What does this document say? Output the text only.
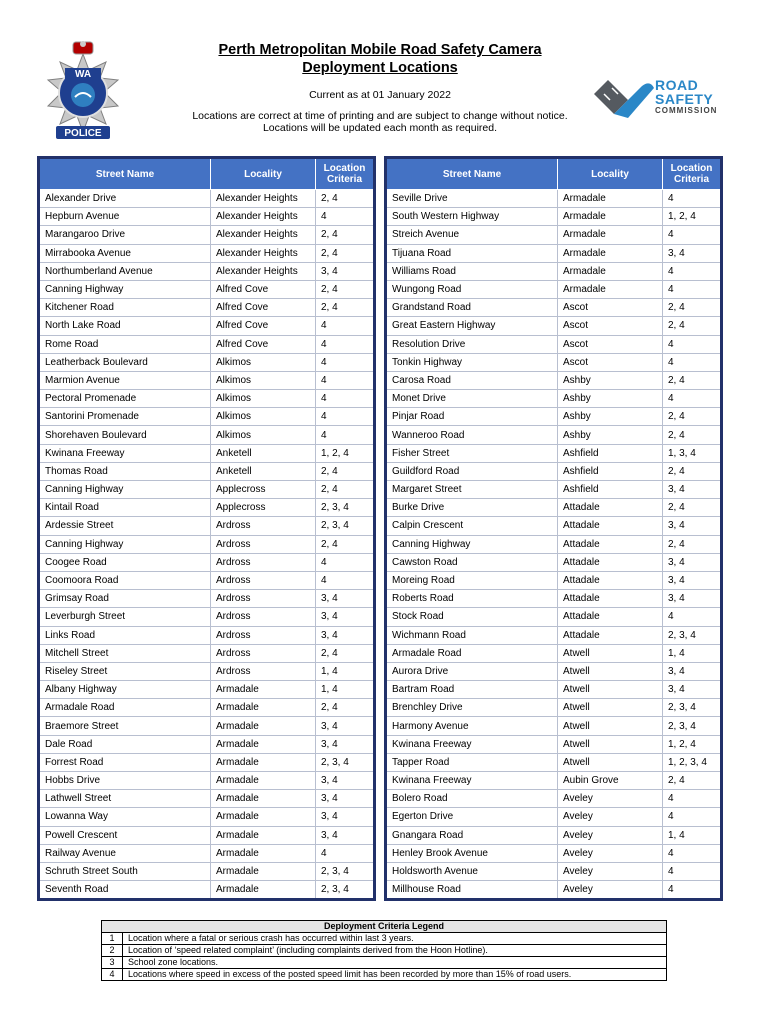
WA
POLICE
Perth Metropolitan Mobile Road Safety Camera
Deployment Locations
Current as at 01 January 2022
Locations are correct at time of printing and are subject to change without notice.
Locations will be updated each month as required.
ROAD
SAFETY
COMMISSION
Street Name	Locality	Location Criteria
Alexander Drive	Alexander Heights	2, 4
Hepburn Avenue	Alexander Heights	4
Marangaroo Drive	Alexander Heights	2, 4
Mirrabooka Avenue	Alexander Heights	2, 4
Northumberland Avenue	Alexander Heights	3, 4
Canning Highway	Alfred Cove	2, 4
Kitchener Road	Alfred Cove	2, 4
North Lake Road	Alfred Cove	4
Rome Road	Alfred Cove	4
Leatherback Boulevard	Alkimos	4
Marmion Avenue	Alkimos	4
Pectoral Promenade	Alkimos	4
Santorini Promenade	Alkimos	4
Shorehaven Boulevard	Alkimos	4
Kwinana Freeway	Anketell	1, 2, 4
Thomas Road	Anketell	2, 4
Canning Highway	Applecross	2, 4
Kintail Road	Applecross	2, 3, 4
Ardessie Street	Ardross	2, 3, 4
Canning Highway	Ardross	2, 4
Coogee Road	Ardross	4
Coomoora Road	Ardross	4
Grimsay Road	Ardross	3, 4
Leverburgh Street	Ardross	3, 4
Links Road	Ardross	3, 4
Mitchell Street	Ardross	2, 4
Riseley Street	Ardross	1, 4
Albany Highway	Armadale	1, 4
Armadale Road	Armadale	2, 4
Braemore Street	Armadale	3, 4
Dale Road	Armadale	3, 4
Forrest Road	Armadale	2, 3, 4
Hobbs Drive	Armadale	3, 4
Lathwell Street	Armadale	3, 4
Lowanna Way	Armadale	3, 4
Powell Crescent	Armadale	3, 4
Railway Avenue	Armadale	4
Schruth Street South	Armadale	2, 3, 4
Seventh Road	Armadale	2, 3, 4
Street Name	Locality	Location Criteria
Seville Drive	Armadale	4
South Western Highway	Armadale	1, 2, 4
Streich Avenue	Armadale	4
Tijuana Road	Armadale	3, 4
Williams Road	Armadale	4
Wungong Road	Armadale	4
Grandstand Road	Ascot	2, 4
Great Eastern Highway	Ascot	2, 4
Resolution Drive	Ascot	4
Tonkin Highway	Ascot	4
Carosa Road	Ashby	2, 4
Monet Drive	Ashby	4
Pinjar Road	Ashby	2, 4
Wanneroo Road	Ashby	2, 4
Fisher Street	Ashfield	1, 3, 4
Guildford Road	Ashfield	2, 4
Margaret Street	Ashfield	3, 4
Burke Drive	Attadale	2, 4
Calpin Crescent	Attadale	3, 4
Canning Highway	Attadale	2, 4
Cawston Road	Attadale	3, 4
Moreing Road	Attadale	3, 4
Roberts Road	Attadale	3, 4
Stock Road	Attadale	4
Wichmann Road	Attadale	2, 3, 4
Armadale Road	Atwell	1, 4
Aurora Drive	Atwell	3, 4
Bartram Road	Atwell	3, 4
Brenchley Drive	Atwell	2, 3, 4
Harmony Avenue	Atwell	2, 3, 4
Kwinana Freeway	Atwell	1, 2, 4
Tapper Road	Atwell	1, 2, 3, 4
Kwinana Freeway	Aubin Grove	2, 4
Bolero Road	Aveley	4
Egerton Drive	Aveley	4
Gnangara Road	Aveley	1, 4
Henley Brook Avenue	Aveley	4
Holdsworth Avenue	Aveley	4
Millhouse Road	Aveley	4
Deployment Criteria Legend	
1	Location where a fatal or serious crash has occurred within last 3 years.
2	Location of ‘speed related complaint’ (including complaints derived from the Hoon Hotline).
3	School zone locations.
4	Locations where speed in excess of the posted speed limit has been recorded by more than 15% of road users.
